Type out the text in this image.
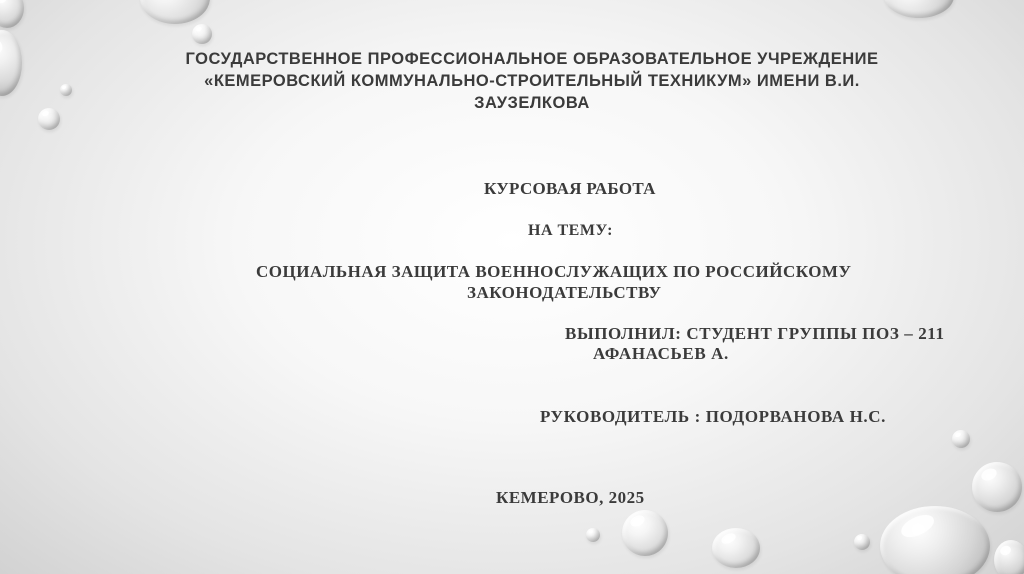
ГОСУДАРСТВЕННОЕ ПРОФЕССИОНАЛЬНОЕ ОБРАЗОВАТЕЛЬНОЕ УЧРЕЖДЕНИЕ
«КЕМЕРОВСКИЙ КОММУНАЛЬНО-СТРОИТЕЛЬНЫЙ ТЕХНИКУМ» ИМЕНИ В.И.
ЗАУЗЕЛКОВА
КУРСОВАЯ РАБОТА
НА ТЕМУ:
СОЦИАЛЬНАЯ ЗАЩИТА ВОЕННОСЛУЖАЩИХ ПО РОССИЙСКОМУ
ЗАКОНОДАТЕЛЬСТВУ
ВЫПОЛНИЛ: СТУДЕНТ ГРУППЫ ПОЗ – 211
АФАНАСЬЕВ А.
РУКОВОДИТЕЛЬ : ПОДОРВАНОВА Н.С.
КЕМЕРОВО, 2025
